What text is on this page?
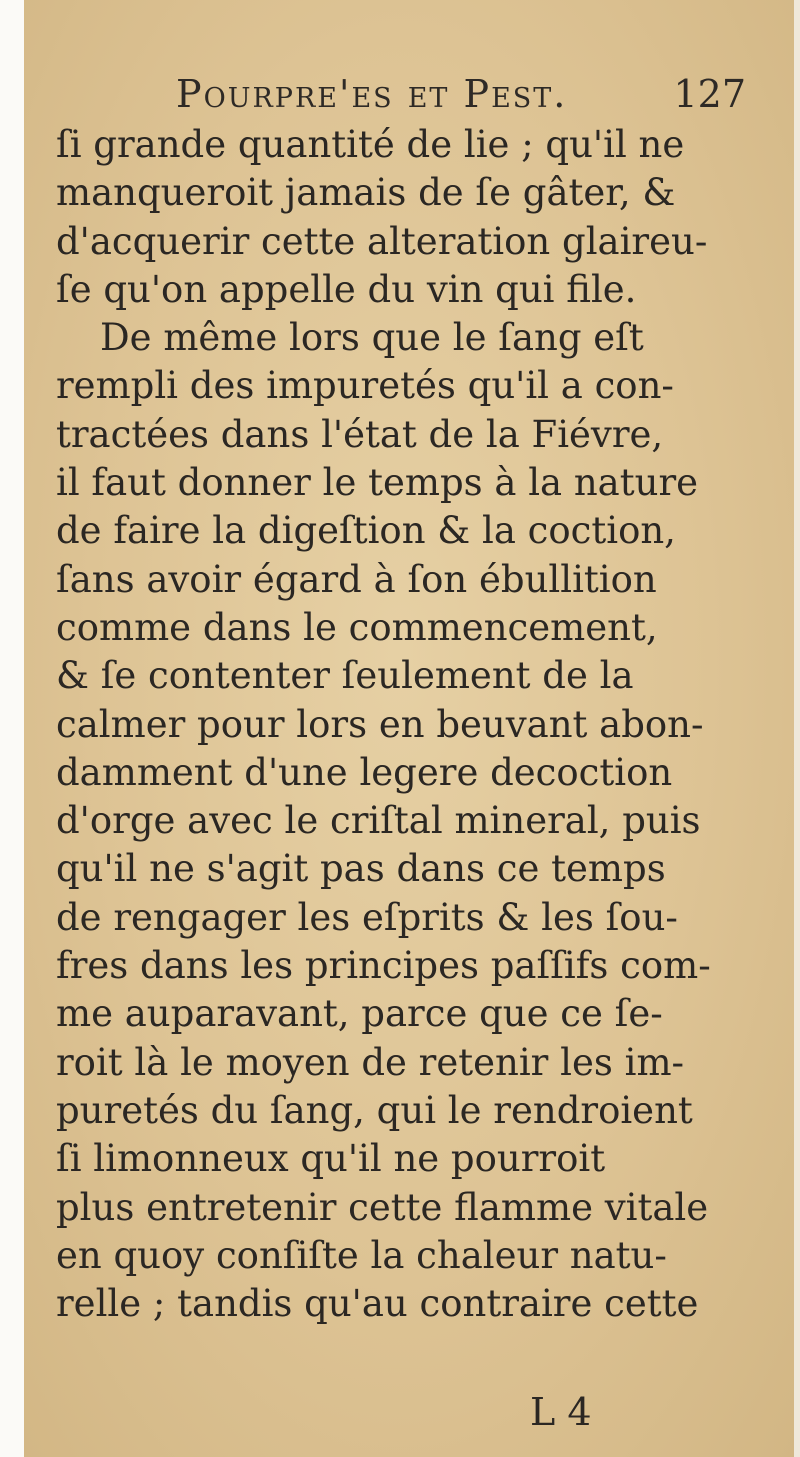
Pourpre'es et Pest.	127
ſi grande quantité de lie ; qu'il ne
manqueroit jamais de ſe gâter, &
d'acquerir cette alteration glaireu-
ſe qu'on appelle du vin qui file.
De même lors que le ſang eſt
rempli des impuretés qu'il a con-
tractées dans l'état de la Fiévre,
il faut donner le temps à la nature
de faire la digeſtion & la coction,
ſans avoir égard à ſon ébullition
comme dans le commencement,
& ſe contenter ſeulement de la
calmer pour lors en beuvant abon-
damment d'une legere decoction
d'orge avec le criſtal mineral, puis
qu'il ne s'agit pas dans ce temps
de rengager les eſprits & les ſou-
fres dans les principes paſſifs com-
me auparavant, parce que ce ſe-
roit là le moyen de retenir les im-
puretés du ſang, qui le rendroient
ſi limonneux qu'il ne pourroit
plus entretenir cette flamme vitale
en quoy conſiſte la chaleur natu-
relle ; tandis qu'au contraire cette
L 4
